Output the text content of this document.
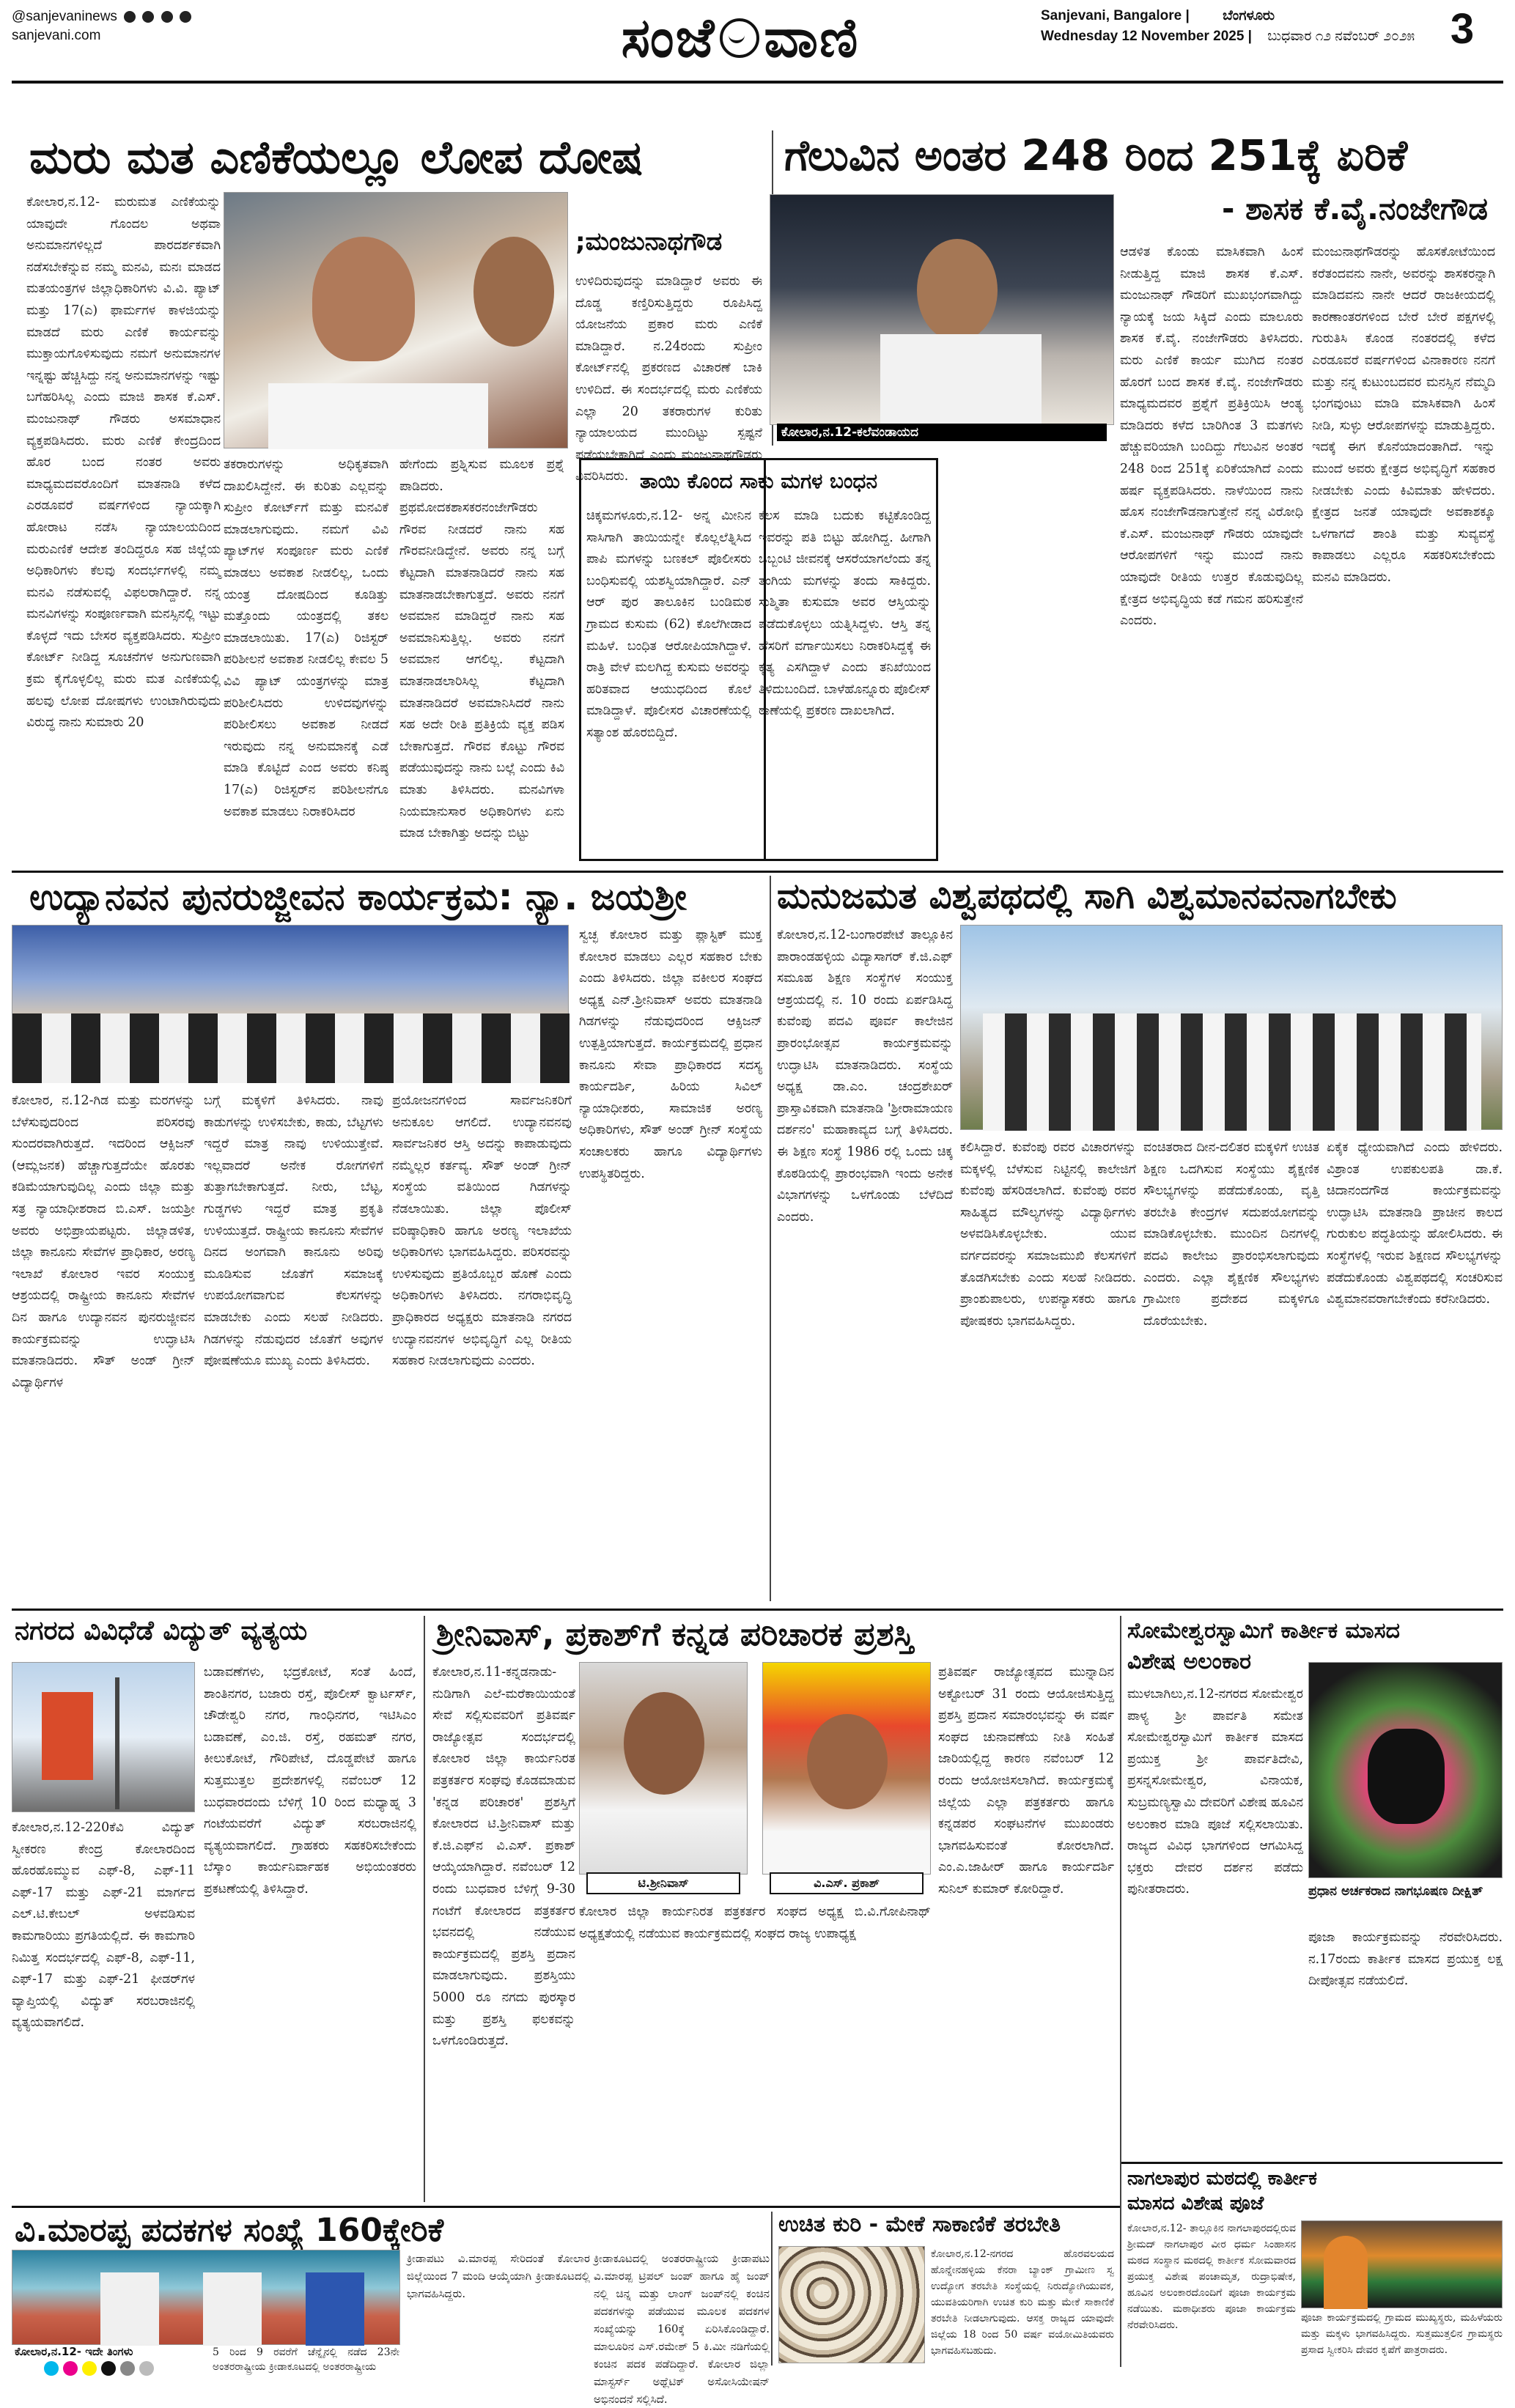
@sanjevaninews
sanjevani.com	ಸಂಜೆ ವಾಣಿ	Sanjevani, Bangalore | ಬೆಂಗಳೂರು
Wednesday 12 November 2025 | ಬುಧವಾರ ೧೨ ನವೆಂಬರ್ ೨೦೨೫ 3
ಮರು ಮತ ಎಣಿಕೆಯಲ್ಲೂ ಲೋಪ ದೋಷ
ಕೋಲಾರ,ನ.12- ಮರುಮತ ಎಣಿಕೆಯನ್ನು ಯಾವುದೇ ಗೊಂದಲ ಅಥವಾ ಅನುಮಾನಗಳಿಲ್ಲದೆ ಪಾರದರ್ಶಕವಾಗಿ ನಡೆಸಬೇಕೆನ್ನುವ ನಮ್ಮ ಮನವಿ, ಮನಃ ಮಾಡದ ಮತಯಂತ್ರಗಳ ಜಿಲ್ಲಾಧಿಕಾರಿಗಳು ವಿ.ವಿ. ಪ್ಯಾಟ್ ಮತ್ತು 17(ಎ) ಫಾರ್ಮಗಳ ಕಾಳಜಿಯನ್ನು ಮಾಡದೆ ಮರು ಎಣಿಕೆ ಕಾರ್ಯವನ್ನು ಮುಕ್ತಾಯಗೊಳಿಸುವುದು ನಮಗೆ ಅನುಮಾನಗಳ ಇನ್ನಷ್ಟು ಹೆಚ್ಚಿಸಿದ್ದು ನನ್ನ ಅನುಮಾನಗಳನ್ನು ಇಷ್ಟು ಬಗೆಹರಿಸಿಲ್ಲ ಎಂದು ಮಾಜಿ ಶಾಸಕ ಕೆ.ಎಸ್. ಮಂಜುನಾಥ್ ಗೌಡರು ಅಸಮಾಧಾನ ವ್ಯಕ್ತಪಡಿಸಿದರು. ಮರು ಎಣಿಕೆ ಕೇಂದ್ರದಿಂದ ಹೊರ ಬಂದ ನಂತರ ಅವರು ಮಾಧ್ಯಮದವರೊಂದಿಗೆ ಮಾತನಾಡಿ ಕಳೆದ ಎರಡೂವರೆ ವರ್ಷಗಳಿಂದ ನ್ಯಾಯಕ್ಕಾಗಿ ಹೋರಾಟ ನಡೆಸಿ ನ್ಯಾಯಾಲಯದಿಂದ ಮರುಎಣಿಕೆ ಆದೇಶ ತಂದಿದ್ದರೂ ಸಹ ಜಿಲ್ಲೆಯ ಅಧಿಕಾರಿಗಳು ಕೆಲವು ಸಂದರ್ಭಗಳಲ್ಲಿ ನಮ್ಮ ಮನವಿ ನಡೆಸುವಲ್ಲಿ ವಿಫಲರಾಗಿದ್ದಾರೆ. ನನ್ನ ಮನವಿಗಳನ್ನು ಸಂಪೂರ್ಣವಾಗಿ ಮನಸ್ಸಿನಲ್ಲಿ ಇಟ್ಟು ಕೊಳ್ಳದೆ ಇದು ಬೇಸರ ವ್ಯಕ್ತಪಡಿಸಿದರು. ಸುಪ್ರೀಂ ಕೋರ್ಟ್ ನೀಡಿದ್ದ ಸೂಚನೆಗಳ ಅನುಗುಣವಾಗಿ ಕ್ರಮ ಕೈಗೊಳ್ಳಲಿಲ್ಲ ಮರು ಮತ ಎಣಿಕೆಯಲ್ಲಿ ಹಲವು ಲೋಪ ದೋಷಗಳು ಉಂಟಾಗಿರುವುದು ವಿರುದ್ಧ ನಾನು ಸುಮಾರು 20
;ಮಂಜುನಾಥಗೌಡ
ಉಳಿದಿರುವುದನ್ನು ಮಾಡಿದ್ದಾರೆ ಅವರು ಈ ದೊಡ್ಡ ಕಣ್ತಿರಿಸುತ್ತಿದ್ದರು ರೂಪಿಸಿದ್ದ ಯೋಜನೆಯ ಪ್ರಕಾರ ಮರು ಎಣಿಕೆ ಮಾಡಿದ್ದಾರೆ. ನ.24ರಂದು ಸುಪ್ರೀಂ ಕೋರ್ಟ್‌ನಲ್ಲಿ ಪ್ರಕರಣದ ವಿಚಾರಣೆ ಬಾಕಿ ಉಳಿದಿದೆ. ಈ ಸಂದರ್ಭದಲ್ಲಿ ಮರು ಎಣಿಕೆಯ ಎಲ್ಲಾ 20 ತಕರಾರುಗಳ ಕುರಿತು ನ್ಯಾಯಾಲಯದ ಮುಂದಿಟ್ಟು ಸ್ಪಷ್ಟನೆ ಪಡೆಯಬೇಕಾಗಿದೆ ಎಂದು ಮಂಜುನಾಥಗೌಡರು ವಿವರಿಸಿದರು.
ತಕರಾರುಗಳನ್ನು ಅಧಿಕೃತವಾಗಿ ದಾಖಲಿಸಿದ್ದೇನೆ. ಈ ಕುರಿತು ಎಲ್ಲವನ್ನು ಸುಪ್ರೀಂ ಕೋರ್ಟ್‌ಗೆ ಮತ್ತು ಮನವಿಕೆ ಮಾಡಲಾಗುವುದು. ನಮಗೆ ವಿವಿ ಪ್ಯಾಟ್‌ಗಳ ಸಂಪೂರ್ಣ ಮರು ಎಣಿಕೆ ಮಾಡಲು ಅವಕಾಶ ನೀಡಲಿಲ್ಲ, ಒಂದು ಯಂತ್ರ ದೋಷದಿಂದ ಕೂಡಿತ್ತು ಮತ್ತೊಂದು ಯಂತ್ರದಲ್ಲಿ ತಕಲ ಮಾಡಲಾಯಿತು. 17(ಎ) ರಿಜಿಸ್ಟರ್ ಪರಿಶೀಲನೆ ಅವಕಾಶ ನೀಡಲಿಲ್ಲ ಕೇವಲ 5 ವಿವಿ ಪ್ಯಾಟ್ ಯಂತ್ರಗಳನ್ನು ಮಾತ್ರ ಪರಿಶೀಲಿಸಿದರು ಉಳಿದವುಗಳನ್ನು ಪರಿಶೀಲಿಸಲು ಅವಕಾಶ ನೀಡದೆ ಇರುವುದು ನನ್ನ ಅನುಮಾನಕ್ಕೆ ಎಡೆ ಮಾಡಿ ಕೊಟ್ಟಿದೆ ಎಂದ ಅವರು ಕನಿಷ್ಠ 17(ಎ) ರಿಜಿಸ್ಟರ್‌ನ ಪರಿಶೀಲನೆಗೂ ಅವಕಾಶ ಮಾಡಲು ನಿರಾಕರಿಸಿದರ
ಹೇಗೆಂದು ಪ್ರಶ್ನಿಸುವ ಮೂಲಕ ಪ್ರಶ್ನೆ ಪಾಡಿದರು. ಪ್ರಥಮೋದಕಶಾಸಕರನಂಜೇಗೌಡರು ಗೌರವ ನೀಡದರೆ ನಾನು ಸಹ ಗೌರವನೀಡಿದ್ದೇನೆ. ಅವರು ನನ್ನ ಬಗ್ಗೆ ಕೆಟ್ಟದಾಗಿ ಮಾತನಾಡಿದರೆ ನಾನು ಸಹ ಮಾತನಾಡಬೇಕಾಗುತ್ತದೆ. ಅವರು ನನಗೆ ಅವಮಾನ ಮಾಡಿದ್ದರೆ ನಾನು ಸಹ ಅವಮಾನಿಸುತ್ತಿಲ್ಲ. ಅವರು ನನಗೆ ಅವಮಾನ ಆಗಲಿಲ್ಲ. ಕೆಟ್ಟದಾಗಿ ಮಾತನಾಡಲಾರಿಸಿಲ್ಲ ಕೆಟ್ಟದಾಗಿ ಮಾತನಾಡಿದರೆ ಅವಮಾನಿಸಿದರೆ ನಾನು ಸಹ ಅದೇ ರೀತಿ ಪ್ರತಿಕ್ರಿಯೆ ವ್ಯಕ್ತ ಪಡಿಸ ಬೇಕಾಗುತ್ತದೆ. ಗೌರವ ಕೊಟ್ಟು ಗೌರವ ಪಡೆಯುವುದನ್ನು ನಾನು ಬಲ್ಲೆ ಎಂದು ಕಿವಿ ಮಾತು ತಿಳಿಸಿದರು. ಮನವಿಗಳಾ ನಿಯಮಾನುಸಾರ ಅಧಿಕಾರಿಗಳು ಏನು ಮಾಡ ಬೇಕಾಗಿತ್ತು ಅದನ್ನು ಬಿಟ್ಟು
ತಾಯಿ ಕೊಂದ ಸಾಕು ಮಗಳ ಬಂಧನ
ಚಿಕ್ಕಮಗಳೂರು,ನ.12- ಅನ್ನ ಮೀನಿನ ಸಾಸಿಗಾಗಿ ತಾಯಿಯನ್ನೇ ಕೊಲ್ಲಲೆತ್ನಿಸಿದ ಪಾಪಿ ಮಗಳನ್ನು ಬಣಕಲ್ ಪೊಲೀಸರು ಬಂಧಿಸುವಲ್ಲಿ ಯಶಸ್ವಿಯಾಗಿದ್ದಾರೆ. ಎನ್ ಆರ್ ಪುರ ತಾಲೂಕಿನ ಬಂಡಿಮಠ ಗ್ರಾಮದ ಕುಸುಮ (62) ಕೊಲೆಗೀಡಾದ ಮಹಿಳೆ. ಬಂಧಿತ ಆರೋಪಿಯಾಗಿದ್ದಾಳೆ. ರಾತ್ರಿ ವೇಳೆ ಮಲಗಿದ್ದ ಕುಸುಮ ಅವರನ್ನು ಹರಿತವಾದ ಆಯುಧದಿಂದ ಕೊಲೆ ಮಾಡಿದ್ದಾಳೆ. ಪೊಲೀಸರ ವಿಚಾರಣೆಯಲ್ಲಿ ಸತ್ಯಾಂಶ ಹೊರಬಿದ್ದಿದೆ.
ಕೆಲಸ ಮಾಡಿ ಬದುಕು ಕಟ್ಟಿಕೊಂಡಿದ್ದ ಇವರನ್ನು ಪತಿ ಬಿಟ್ಟು ಹೋಗಿದ್ದ. ಹೀಗಾಗಿ ಒಬ್ಬಂಟಿ ಜೀವನಕ್ಕೆ ಆಸರೆಯಾಗಲೆಂದು ತನ್ನ ತಂಗಿಯ ಮಗಳನ್ನು ತಂದು ಸಾಕಿದ್ದರು. ಸುಶ್ಮಿತಾ ಕುಸುಮಾ ಅವರ ಆಸ್ತಿಯನ್ನು ಪಡೆದುಕೊಳ್ಳಲು ಯತ್ನಿಸಿದ್ದಳು. ಆಸ್ತಿ ತನ್ನ ಹೆಸರಿಗೆ ವರ್ಗಾಯಿಸಲು ನಿರಾಕರಿಸಿದ್ದಕ್ಕೆ ಈ ಕೃತ್ಯ ಎಸಗಿದ್ದಾಳೆ ಎಂದು ತನಿಖೆಯಿಂದ ತಿಳಿದುಬಂದಿದೆ. ಬಾಳೆಹೊನ್ನೂರು ಪೊಲೀಸ್ ಠಾಣೆಯಲ್ಲಿ ಪ್ರಕರಣ ದಾಖಲಾಗಿದೆ.
ಗೆಲುವಿನ ಅಂತರ 248 ರಿಂದ 251ಕ್ಕೆ ಏರಿಕೆ
ಕೋಲಾರ,ನ.12-ಕಲೆವಂಡಾಯದ
- ಶಾಸಕ ಕೆ.ವೈ.ನಂಜೇಗೌಡ
ಆಡಳಿತ ಕೊಂಡು ಮಾಸಿಕವಾಗಿ ಹಿಂಸೆ ನೀಡುತ್ತಿದ್ದ ಮಾಜಿ ಶಾಸಕ ಕೆ.ಎಸ್. ಮಂಜುನಾಥ್ ಗೌಡರಿಗೆ ಮುಖಭಂಗವಾಗಿದ್ದು ನ್ಯಾಯಕ್ಕೆ ಜಯ ಸಿಕ್ಕಿದೆ ಎಂದು ಮಾಲೂರು ಶಾಸಕ ಕೆ.ವೈ. ನಂಜೇಗೌಡರು ತಿಳಿಸಿದರು. ಮರು ಎಣಿಕೆ ಕಾರ್ಯ ಮುಗಿದ ನಂತರ ಹೊರಗೆ ಬಂದ ಶಾಸಕ ಕೆ.ವೈ. ನಂಜೇಗೌಡರು ಮಾಧ್ಯಮದವರ ಪ್ರಶ್ನೆಗೆ ಪ್ರತಿಕ್ರಿಯಿಸಿ ಆಂತ್ಯ ಮಾಡಿದರು ಕಳೆದ ಬಾರಿಗಿಂತ 3 ಮತಗಳು ಹೆಚ್ಚುವರಿಯಾಗಿ ಬಂದಿದ್ದು ಗೆಲುವಿನ ಅಂತರ 248 ರಿಂದ 251ಕ್ಕೆ ಏರಿಕೆಯಾಗಿದೆ ಎಂದು ಹರ್ಷ ವ್ಯಕ್ತಪಡಿಸಿದರು. ನಾಳೆಯಿಂದ ನಾನು ಹೊಸ ನಂಜೇಗೌಡನಾಗುತ್ತೇನೆ ನನ್ನ ವಿರೋಧಿ ಕೆ.ಎಸ್. ಮಂಜುನಾಥ್ ಗೌಡರು ಯಾವುದೇ ಆರೋಪಗಳಿಗೆ ಇನ್ನು ಮುಂದೆ ನಾನು ಯಾವುದೇ ರೀತಿಯ ಉತ್ತರ ಕೊಡುವುದಿಲ್ಲ ಕ್ಷೇತ್ರದ ಅಭಿವೃದ್ಧಿಯ ಕಡೆ ಗಮನ ಹರಿಸುತ್ತೇನೆ ಎಂದರು.
ಮಂಜುನಾಥಗೌಡರನ್ನು ಹೊಸಕೋಟೆಯಿಂದ ಕರೆತಂದವನು ನಾನೇ, ಅವರನ್ನು ಶಾಸಕರನ್ನಾಗಿ ಮಾಡಿದವನು ನಾನೇ ಆದರೆ ರಾಜಕೀಯದಲ್ಲಿ ಕಾರಣಾಂತರಗಳಿಂದ ಬೇರೆ ಬೇರೆ ಪಕ್ಷಗಳಲ್ಲಿ ಗುರುತಿಸಿ ಕೊಂಡ ನಂತರದಲ್ಲಿ ಕಳೆದ ಎರಡೂವರೆ ವರ್ಷಗಳಿಂದ ವಿನಾಕಾರಣ ನನಗೆ ಮತ್ತು ನನ್ನ ಕುಟುಂಬದವರ ಮನಸ್ಸಿನ ನೆಮ್ಮದಿ ಭಂಗವುಂಟು ಮಾಡಿ ಮಾಸಿಕವಾಗಿ ಹಿಂಸೆ ನೀಡಿ, ಸುಳ್ಳು ಆರೋಪಗಳನ್ನು ಮಾಡುತ್ತಿದ್ದರು. ಇದಕ್ಕೆ ಈಗ ಕೊನೆಯಾದಂತಾಗಿದೆ. ಇನ್ನು ಮುಂದೆ ಅವರು ಕ್ಷೇತ್ರದ ಅಭಿವೃದ್ಧಿಗೆ ಸಹಕಾರ ನೀಡಬೇಕು ಎಂದು ಕಿವಿಮಾತು ಹೇಳಿದರು. ಕ್ಷೇತ್ರದ ಜನತೆ ಯಾವುದೇ ಅವಕಾಶಕ್ಕೂ ಒಳಗಾಗದೆ ಶಾಂತಿ ಮತ್ತು ಸುವ್ಯವಸ್ಥೆ ಕಾಪಾಡಲು ಎಲ್ಲರೂ ಸಹಕರಿಸಬೇಕೆಂದು ಮನವಿ ಮಾಡಿದರು.
ಉದ್ಯಾನವನ ಪುನರುಜ್ಜೀವನ ಕಾರ್ಯಕ್ರಮ: ನ್ಯಾ. ಜಯಶ್ರೀ
ಕೋಲಾರ, ನ.12-ಗಿಡ ಮತ್ತು ಮರಗಳನ್ನು ಬೆಳೆಸುವುದರಿಂದ ಪರಿಸರವು ಸುಂದರವಾಗಿರುತ್ತದೆ. ಇದರಿಂದ ಆಕ್ಸಿಜನ್ (ಆಮ್ಲಜನಕ) ಹೆಚ್ಚಾಗುತ್ತದೆಯೇ ಹೊರತು ಕಡಿಮೆಯಾಗುವುದಿಲ್ಲ ಎಂದು ಜಿಲ್ಲಾ ಮತ್ತು ಸತ್ರ ನ್ಯಾಯಾಧೀಶರಾದ ಬಿ.ಎಸ್. ಜಯಶ್ರೀ ಅವರು ಅಭಿಪ್ರಾಯಪಟ್ಟರು. ಜಿಲ್ಲಾಡಳಿತ, ಜಿಲ್ಲಾ ಕಾನೂನು ಸೇವೆಗಳ ಪ್ರಾಧಿಕಾರ, ಅರಣ್ಯ ಇಲಾಖೆ ಕೋಲಾರ ಇವರ ಸಂಯುಕ್ತ ಆಶ್ರಯದಲ್ಲಿ ರಾಷ್ಟ್ರೀಯ ಕಾನೂನು ಸೇವೆಗಳ ದಿನ ಹಾಗೂ ಉದ್ಯಾನವನ ಪುನರುಜ್ಜೀವನ ಕಾರ್ಯಕ್ರಮವನ್ನು ಉದ್ಘಾಟಿಸಿ ಮಾತನಾಡಿದರು. ಸೌತ್ ಅಂಡ್ ಗ್ರೀನ್ ವಿದ್ಯಾರ್ಥಿಗಳ
ಬಗ್ಗೆ ಮಕ್ಕಳಿಗೆ ತಿಳಿಸಿದರು. ನಾವು ಕಾಡುಗಳನ್ನು ಉಳಿಸಬೇಕು, ಕಾಡು, ಬೆಟ್ಟಗಳು ಇದ್ದರೆ ಮಾತ್ರ ನಾವು ಉಳಿಯುತ್ತೇವೆ. ಇಲ್ಲವಾದರೆ ಅನೇಕ ರೋಗಗಳಿಗೆ ತುತ್ತಾಗಬೇಕಾಗುತ್ತದೆ. ನೀರು, ಬೆಟ್ಟ, ಗುಡ್ಡಗಳು ಇದ್ದರೆ ಮಾತ್ರ ಪ್ರಕೃತಿ ಉಳಿಯುತ್ತದೆ. ರಾಷ್ಟ್ರೀಯ ಕಾನೂನು ಸೇವೆಗಳ ದಿನದ ಅಂಗವಾಗಿ ಕಾನೂನು ಅರಿವು ಮೂಡಿಸುವ ಜೊತೆಗೆ ಸಮಾಜಕ್ಕೆ ಉಪಯೋಗವಾಗುವ ಕೆಲಸಗಳನ್ನು ಮಾಡಬೇಕು ಎಂದು ಸಲಹೆ ನೀಡಿದರು. ಗಿಡಗಳನ್ನು ನೆಡುವುದರ ಜೊತೆಗೆ ಅವುಗಳ ಪೋಷಣೆಯೂ ಮುಖ್ಯ ಎಂದು ತಿಳಿಸಿದರು.
ಪ್ರಯೋಜನಗಳಿಂದ ಸಾರ್ವಜನಿಕರಿಗೆ ಅನುಕೂಲ ಆಗಲಿದೆ. ಉದ್ಯಾನವನವು ಸಾರ್ವಜನಿಕರ ಆಸ್ತಿ ಅದನ್ನು ಕಾಪಾಡುವುದು ನಮ್ಮೆಲ್ಲರ ಕರ್ತವ್ಯ. ಸೌತ್ ಅಂಡ್ ಗ್ರೀನ್ ಸಂಸ್ಥೆಯ ವತಿಯಿಂದ ಗಿಡಗಳನ್ನು ನೆಡಲಾಯಿತು. ಜಿಲ್ಲಾ ಪೊಲೀಸ್ ವರಿಷ್ಠಾಧಿಕಾರಿ ಹಾಗೂ ಅರಣ್ಯ ಇಲಾಖೆಯ ಅಧಿಕಾರಿಗಳು ಭಾಗವಹಿಸಿದ್ದರು. ಪರಿಸರವನ್ನು ಉಳಿಸುವುದು ಪ್ರತಿಯೊಬ್ಬರ ಹೊಣೆ ಎಂದು ಅಧಿಕಾರಿಗಳು ತಿಳಿಸಿದರು. ನಗರಾಭಿವೃದ್ಧಿ ಪ್ರಾಧಿಕಾರದ ಅಧ್ಯಕ್ಷರು ಮಾತನಾಡಿ ನಗರದ ಉದ್ಯಾನವನಗಳ ಅಭಿವೃದ್ಧಿಗೆ ಎಲ್ಲ ರೀತಿಯ ಸಹಕಾರ ನೀಡಲಾಗುವುದು ಎಂದರು.
ಸ್ವಚ್ಛ ಕೋಲಾರ ಮತ್ತು ಪ್ಲಾಸ್ಟಿಕ್ ಮುಕ್ತ ಕೋಲಾರ ಮಾಡಲು ಎಲ್ಲರ ಸಹಕಾರ ಬೇಕು ಎಂದು ತಿಳಿಸಿದರು. ಜಿಲ್ಲಾ ವಕೀಲರ ಸಂಘದ ಅಧ್ಯಕ್ಷ ಎನ್.ಶ್ರೀನಿವಾಸ್ ಅವರು ಮಾತನಾಡಿ ಗಿಡಗಳನ್ನು ನೆಡುವುದರಿಂದ ಆಕ್ಸಿಜನ್ ಉತ್ಪತ್ತಿಯಾಗುತ್ತದೆ. ಕಾರ್ಯಕ್ರಮದಲ್ಲಿ ಪ್ರಧಾನ ಕಾನೂನು ಸೇವಾ ಪ್ರಾಧಿಕಾರದ ಸದಸ್ಯ ಕಾರ್ಯದರ್ಶಿ, ಹಿರಿಯ ಸಿವಿಲ್ ನ್ಯಾಯಾಧೀಶರು, ಸಾಮಾಜಿಕ ಅರಣ್ಯ ಅಧಿಕಾರಿಗಳು, ಸೌತ್ ಅಂಡ್ ಗ್ರೀನ್ ಸಂಸ್ಥೆಯ ಸಂಚಾಲಕರು ಹಾಗೂ ವಿದ್ಯಾರ್ಥಿಗಳು ಉಪಸ್ಥಿತರಿದ್ದರು.
ಮನುಜಮತ ವಿಶ್ವಪಥದಲ್ಲಿ ಸಾಗಿ ವಿಶ್ವಮಾನವನಾಗಬೇಕು
ಕೋಲಾರ,ನ.12-ಬಂಗಾರಪೇಟೆ ತಾಲ್ಲೂಕಿನ ಪಾರಾಂಡಹಳ್ಳಿಯ ವಿದ್ಯಾಸಾಗರ್ ಕೆ.ಜಿ.ಎಫ್ ಸಮೂಹ ಶಿಕ್ಷಣ ಸಂಸ್ಥೆಗಳ ಸಂಯುಕ್ತ ಆಶ್ರಯದಲ್ಲಿ ನ. 10 ರಂದು ಏರ್ಪಡಿಸಿದ್ದ ಕುವೆಂಪು ಪದವಿ ಪೂರ್ವ ಕಾಲೇಜಿನ ಪ್ರಾರಂಭೋತ್ಸವ ಕಾರ್ಯಕ್ರಮವನ್ನು ಉದ್ಘಾಟಿಸಿ ಮಾತನಾಡಿದರು. ಸಂಸ್ಥೆಯ ಅಧ್ಯಕ್ಷ ಡಾ.ಎಂ. ಚಂದ್ರಶೇಖರ್ ಪ್ರಾಸ್ತಾವಿಕವಾಗಿ ಮಾತನಾಡಿ 'ಶ್ರೀರಾಮಾಯಣ ದರ್ಶನಂ' ಮಹಾಕಾವ್ಯದ ಬಗ್ಗೆ ತಿಳಿಸಿದರು. ಈ ಶಿಕ್ಷಣ ಸಂಸ್ಥೆ 1986 ರಲ್ಲಿ ಒಂದು ಚಿಕ್ಕ ಕೊಠಡಿಯಲ್ಲಿ ಪ್ರಾರಂಭವಾಗಿ ಇಂದು ಅನೇಕ ವಿಭಾಗಗಳನ್ನು ಒಳಗೊಂಡು ಬೆಳೆದಿದೆ ಎಂದರು.
ಕಲಿಸಿದ್ದಾರೆ. ಕುವೆಂಪು ರವರ ವಿಚಾರಗಳನ್ನು ಮಕ್ಕಳಲ್ಲಿ ಬೆಳೆಸುವ ನಿಟ್ಟಿನಲ್ಲಿ ಕಾಲೇಜಿಗೆ ಕುವೆಂಪು ಹೆಸರಿಡಲಾಗಿದೆ. ಕುವೆಂಪು ರವರ ಸಾಹಿತ್ಯದ ಮೌಲ್ಯಗಳನ್ನು ವಿದ್ಯಾರ್ಥಿಗಳು ಅಳವಡಿಸಿಕೊಳ್ಳಬೇಕು. ಯುವ ವರ್ಗದವರನ್ನು ಸಮಾಜಮುಖಿ ಕೆಲಸಗಳಿಗೆ ತೊಡಗಿಸಬೇಕು ಎಂದು ಸಲಹೆ ನೀಡಿದರು. ಪ್ರಾಂಶುಪಾಲರು, ಉಪನ್ಯಾಸಕರು ಹಾಗೂ ಪೋಷಕರು ಭಾಗವಹಿಸಿದ್ದರು.
ವಂಚಿತರಾದ ದೀನ-ದಲಿತರ ಮಕ್ಕಳಿಗೆ ಉಚಿತ ಶಿಕ್ಷಣ ಒದಗಿಸುವ ಸಂಸ್ಥೆಯು ಶೈಕ್ಷಣಿಕ ಸೌಲಭ್ಯಗಳನ್ನು ಪಡೆದುಕೊಂಡು, ವೃತ್ತಿ ತರಬೇತಿ ಕೇಂದ್ರಗಳ ಸದುಪಯೋಗವನ್ನು ಮಾಡಿಕೊಳ್ಳಬೇಕು. ಮುಂದಿನ ದಿನಗಳಲ್ಲಿ ಪದವಿ ಕಾಲೇಜು ಪ್ರಾರಂಭಿಸಲಾಗುವುದು ಎಂದರು. ಎಲ್ಲಾ ಶೈಕ್ಷಣಿಕ ಸೌಲಭ್ಯಗಳು ಗ್ರಾಮೀಣ ಪ್ರದೇಶದ ಮಕ್ಕಳಿಗೂ ದೊರೆಯಬೇಕು.
ಏಕೈಕ ಧ್ಯೇಯವಾಗಿದೆ ಎಂದು ಹೇಳಿದರು. ವಿಶ್ರಾಂತ ಉಪಕುಲಪತಿ ಡಾ.ಕೆ. ಚಿದಾನಂದಗೌಡ ಕಾರ್ಯಕ್ರಮವನ್ನು ಉದ್ಘಾಟಿಸಿ ಮಾತನಾಡಿ ಪ್ರಾಚೀನ ಕಾಲದ ಗುರುಕುಲ ಪದ್ಧತಿಯನ್ನು ಹೋಲಿಸಿದರು. ಈ ಸಂಸ್ಥೆಗಳಲ್ಲಿ ಇರುವ ಶಿಕ್ಷಣದ ಸೌಲಭ್ಯಗಳನ್ನು ಪಡೆದುಕೊಂಡು ವಿಶ್ವಪಥದಲ್ಲಿ ಸಂಚರಿಸುವ ವಿಶ್ವಮಾನವರಾಗಬೇಕೆಂದು ಕರೆನೀಡಿದರು.
ನಗರದ ವಿವಿಧೆಡೆ ವಿದ್ಯುತ್ ವ್ಯತ್ಯಯ
ಕೋಲಾರ,ನ.12-220ಕೆವಿ ವಿದ್ಯುತ್ ಸ್ವೀಕರಣ ಕೇಂದ್ರ ಕೋಲಾರದಿಂದ ಹೊರಹೊಮ್ಮುವ ಎಫ್-8, ಎಫ್-11 ಎಫ್-17 ಮತ್ತು ಎಫ್-21 ಮಾರ್ಗದ ಎಲ್.ಟಿ.ಕೇಬಲ್ ಅಳವಡಿಸುವ ಕಾಮಗಾರಿಯು ಪ್ರಗತಿಯಲ್ಲಿದೆ. ಈ ಕಾಮಗಾರಿ ನಿಮಿತ್ತ ಸಂದರ್ಭದಲ್ಲಿ ಎಫ್-8, ಎಫ್-11, ಎಫ್-17 ಮತ್ತು ಎಫ್-21 ಫೀಡರ್‌ಗಳ ವ್ಯಾಪ್ತಿಯಲ್ಲಿ ವಿದ್ಯುತ್ ಸರಬರಾಜಿನಲ್ಲಿ ವ್ಯತ್ಯಯವಾಗಲಿದೆ.
ಬಡಾವಣೆಗಳು, ಭದ್ರಕೋಟೆ, ಸಂತೆ ಹಿಂದೆ, ಶಾಂತಿನಗರ, ಬಜಾರು ರಸ್ತೆ, ಪೊಲೀಸ್ ಕ್ವಾರ್ಟರ್ಸ್, ಚೌಡೇಶ್ವರಿ ನಗರ, ಗಾಂಧಿನಗರ, ಇಟಿಸಿಎಂ ಬಡಾವಣೆ, ಎಂ.ಜಿ. ರಸ್ತೆ, ರಹಮತ್ ನಗರ, ಕೀಲುಕೋಟೆ, ಗೌರಿಪೇಟೆ, ದೊಡ್ಡಪೇಟೆ ಹಾಗೂ ಸುತ್ತಮುತ್ತಲ ಪ್ರದೇಶಗಳಲ್ಲಿ ನವೆಂಬರ್ 12 ಬುಧವಾರದಂದು ಬೆಳಿಗ್ಗೆ 10 ರಿಂದ ಮಧ್ಯಾಹ್ನ 3 ಗಂಟೆಯವರೆಗೆ ವಿದ್ಯುತ್ ಸರಬರಾಜಿನಲ್ಲಿ ವ್ಯತ್ಯಯವಾಗಲಿದೆ. ಗ್ರಾಹಕರು ಸಹಕರಿಸಬೇಕೆಂದು ಬೆಸ್ಕಾಂ ಕಾರ್ಯನಿರ್ವಾಹಕ ಅಭಿಯಂತರರು ಪ್ರಕಟಣೆಯಲ್ಲಿ ತಿಳಿಸಿದ್ದಾರೆ.
ಶ್ರೀನಿವಾಸ್, ಪ್ರಕಾಶ್‌ಗೆ ಕನ್ನಡ ಪರಿಚಾರಕ ಪ್ರಶಸ್ತಿ
ಟಿ.ಶ್ರೀನಿವಾಸ್	ವಿ.ಎಸ್. ಪ್ರಕಾಶ್
ಕೋಲಾರ,ನ.11-ಕನ್ನಡನಾಡು-ನುಡಿಗಾಗಿ ಎಲೆ-ಮರೆಕಾಯಿಯಂತೆ ಸೇವೆ ಸಲ್ಲಿಸುವವರಿಗೆ ಪ್ರತಿವರ್ಷ ರಾಜ್ಯೋತ್ಸವ ಸಂದರ್ಭದಲ್ಲಿ ಕೋಲಾರ ಜಿಲ್ಲಾ ಕಾರ್ಯನಿರತ ಪತ್ರಕರ್ತರ ಸಂಘವು ಕೊಡಮಾಡುವ 'ಕನ್ನಡ ಪರಿಚಾರಕ' ಪ್ರಶಸ್ತಿಗೆ ಕೋಲಾರದ ಟಿ.ಶ್ರೀನಿವಾಸ್ ಮತ್ತು ಕೆ.ಜಿ.ಎಫ್‌ನ ವಿ.ಎಸ್. ಪ್ರಕಾಶ್ ಆಯ್ಕೆಯಾಗಿದ್ದಾರೆ. ನವೆಂಬರ್ 12 ರಂದು ಬುಧವಾರ ಬೆಳಿಗ್ಗೆ 9-30 ಗಂಟೆಗೆ ಕೋಲಾರದ ಪತ್ರಕರ್ತರ ಭವನದಲ್ಲಿ ನಡೆಯುವ ಕಾರ್ಯಕ್ರಮದಲ್ಲಿ ಪ್ರಶಸ್ತಿ ಪ್ರದಾನ ಮಾಡಲಾಗುವುದು. ಪ್ರಶಸ್ತಿಯು 5000 ರೂ ನಗದು ಪುರಸ್ಕಾರ ಮತ್ತು ಪ್ರಶಸ್ತಿ ಫಲಕವನ್ನು ಒಳಗೊಂಡಿರುತ್ತದೆ.
ಕೋಲಾರ ಜಿಲ್ಲಾ ಕಾರ್ಯನಿರತ ಪತ್ರಕರ್ತರ ಸಂಘದ ಅಧ್ಯಕ್ಷ ಬಿ.ವಿ.ಗೋಪಿನಾಥ್ ಅಧ್ಯಕ್ಷತೆಯಲ್ಲಿ ನಡೆಯುವ ಕಾರ್ಯಕ್ರಮದಲ್ಲಿ ಸಂಘದ ರಾಜ್ಯ ಉಪಾಧ್ಯಕ್ಷ
ಪ್ರತಿವರ್ಷ ರಾಜ್ಯೋತ್ಸವದ ಮುನ್ನಾದಿನ ಅಕ್ಟೋಬರ್ 31 ರಂದು ಆಯೋಜಿಸುತ್ತಿದ್ದ ಪ್ರಶಸ್ತಿ ಪ್ರದಾನ ಸಮಾರಂಭವನ್ನು ಈ ವರ್ಷ ಸಂಘದ ಚುನಾವಣೆಯ ನೀತಿ ಸಂಹಿತೆ ಜಾರಿಯಲ್ಲಿದ್ದ ಕಾರಣ ನವೆಂಬರ್ 12 ರಂದು ಆಯೋಜಿಸಲಾಗಿದೆ. ಕಾರ್ಯಕ್ರಮಕ್ಕೆ ಜಿಲ್ಲೆಯ ಎಲ್ಲಾ ಪತ್ರಕರ್ತರು ಹಾಗೂ ಕನ್ನಡಪರ ಸಂಘಟನೆಗಳ ಮುಖಂಡರು ಭಾಗವಹಿಸುವಂತೆ ಕೋರಲಾಗಿದೆ. ಎಂ.ಎ.ಜಾಹೀರ್ ಹಾಗೂ ಕಾರ್ಯದರ್ಶಿ ಸುನಿಲ್ ಕುಮಾರ್ ಕೋರಿದ್ದಾರೆ.
ಸೋಮೇಶ್ವರಸ್ವಾಮಿಗೆ ಕಾರ್ತೀಕ ಮಾಸದ
ವಿಶೇಷ ಅಲಂಕಾರ
ಮುಳಬಾಗಿಲು,ನ.12-ನಗರದ ಸೋಮೇಶ್ವರ ಪಾಳ್ಯ ಶ್ರೀ ಪಾರ್ವತಿ ಸಮೇತ ಸೋಮೇಶ್ವರಸ್ವಾಮಿಗೆ ಕಾರ್ತೀಕ ಮಾಸದ ಪ್ರಯುಕ್ತ ಶ್ರೀ ಪಾರ್ವತಿದೇವಿ, ಪ್ರಸನ್ನಸೋಮೇಶ್ವರ, ವಿನಾಯಕ, ಸುಬ್ರಮಣ್ಯಸ್ವಾಮಿ ದೇವರಿಗೆ ವಿಶೇಷ ಹೂವಿನ ಅಲಂಕಾರ ಮಾಡಿ ಪೂಜೆ ಸಲ್ಲಿಸಲಾಯಿತು. ರಾಜ್ಯದ ವಿವಿಧ ಭಾಗಗಳಿಂದ ಆಗಮಿಸಿದ್ದ ಭಕ್ತರು ದೇವರ ದರ್ಶನ ಪಡೆದು ಪುನೀತರಾದರು.	ಪ್ರಧಾನ ಅರ್ಚಕರಾದ ನಾಗಭೂಷಣ ದೀಕ್ಷಿತ್
ಪೂಜಾ ಕಾರ್ಯಕ್ರಮವನ್ನು ನೆರವೇರಿಸಿದರು. ನ.17ರಂದು ಕಾರ್ತೀಕ ಮಾಸದ ಪ್ರಯುಕ್ತ ಲಕ್ಷ ದೀಪೋತ್ಸವ ನಡೆಯಲಿದೆ.
ವಿ.ಮಾರಪ್ಪ ಪದಕಗಳ ಸಂಖ್ಯೆ 160ಕ್ಕೇರಿಕೆ
ಕೋಲಾರ,ನ.12- ಇದೇ ತಿಂಗಳು
ಕ್ರೀಡಾಪಟು ವಿ.ಮಾರಪ್ಪ ಸೇರಿದಂತೆ ಕೋಲಾರ ಜಿಲ್ಲೆಯಿಂದ 7 ಮಂದಿ ಆಯ್ಕೆಯಾಗಿ ಕ್ರೀಡಾಕೂಟದಲ್ಲಿ ಭಾಗವಹಿಸಿದ್ದರು.
ಕ್ರೀಡಾಕೂಟದಲ್ಲಿ ಅಂತರರಾಷ್ಟ್ರೀಯ ಕ್ರೀಡಾಪಟು ವಿ.ಮಾರಪ್ಪ ಟ್ರಿಪಲ್ ಜಂಪ್ ಹಾಗೂ ಹೈ ಜಂಪ್ ನಲ್ಲಿ ಚಿನ್ನ ಮತ್ತು ಲಾಂಗ್ ಜಂಪ್‌ನಲ್ಲಿ ಕಂಚಿನ ಪದಕಗಳನ್ನು ಪಡೆಯುವ ಮೂಲಕ ಪದಕಗಳ ಸಂಖ್ಯೆಯನ್ನು 160ಕ್ಕೆ ಏರಿಸಿಕೊಂಡಿದ್ದಾರೆ. ಮಾಲೂರಿನ ಎಸ್.ರಮೇಶ್ 5 ಕಿ.ಮೀ ನಡಿಗೆಯಲ್ಲಿ ಕಂಚಿನ ಪದಕ ಪಡೆದಿದ್ದಾರೆ. ಕೋಲಾರ ಜಿಲ್ಲಾ ಮಾಸ್ಟರ್ಸ್ ಅಥ್ಲೆಟಿಕ್ ಅಸೋಸಿಯೇಷನ್ ಅಭಿನಂದನೆ ಸಲ್ಲಿಸಿದೆ.
5 ರಿಂದ 9 ರವರೆಗೆ ಚೆನ್ನೈನಲ್ಲಿ ನಡೆದ 23ನೇ ಅಂತರರಾಷ್ಟ್ರೀಯ ಕ್ರೀಡಾಕೂಟದಲ್ಲಿ ಅಂತರರಾಷ್ಟ್ರೀಯ
ಉಚಿತ ಕುರಿ - ಮೇಕೆ ಸಾಕಾಣಿಕೆ ತರಬೇತಿ
ಕೋಲಾರ,ನ.12-ನಗರದ ಹೊರವಲಯದ ಹೊನ್ನೇನಹಳ್ಳಿಯ ಕೆನರಾ ಬ್ಯಾಂಕ್ ಗ್ರಾಮೀಣ ಸ್ವ ಉದ್ಯೋಗ ತರಬೇತಿ ಸಂಸ್ಥೆಯಲ್ಲಿ ನಿರುದ್ಯೋಗಿಯುವಕ, ಯುವತಿಯರಿಗಾಗಿ ಉಚಿತ ಕುರಿ ಮತ್ತು ಮೇಕೆ ಸಾಕಾಣಿಕೆ ತರಬೇತಿ ನೀಡಲಾಗುವುದು. ಆಸಕ್ತ ರಾಜ್ಯದ ಯಾವುದೇ ಜಿಲ್ಲೆಯ 18 ರಿಂದ 50 ವರ್ಷ ವಯೋಮಿತಿಯವರು ಭಾಗವಹಿಸಬಹುದು.
ನಾಗಲಾಪುರ ಮಠದಲ್ಲಿ ಕಾರ್ತೀಕ
ಮಾಸದ ವಿಶೇಷ ಪೂಜೆ
ಕೋಲಾರ,ನ.12- ತಾಲ್ಲೂಕಿನ ನಾಗಲಾಪುರದಲ್ಲಿರುವ ಶ್ರೀಮದ್ ನಾಗಲಾಪುರ ವೀರ ಧರ್ಮ ಸಿಂಹಾಸನ ಮಠದ ಸಂಸ್ಥಾನ ಮಠದಲ್ಲಿ ಕಾರ್ತೀಕ ಸೋಮವಾರದ ಪ್ರಯುಕ್ತ ವಿಶೇಷ ಪಂಚಾಮೃತ, ರುದ್ರಾಭಿಷೇಕ, ಹೂವಿನ ಅಲಂಕಾರದೊಂದಿಗೆ ಪೂಜಾ ಕಾರ್ಯಕ್ರಮ ನಡೆಯಿತು. ಮಠಾಧೀಶರು ಪೂಜಾ ಕಾರ್ಯಕ್ರಮ ನೆರವೇರಿಸಿದರು.
ಪೂಜಾ ಕಾರ್ಯಕ್ರಮದಲ್ಲಿ ಗ್ರಾಮದ ಮುಖ್ಯಸ್ಥರು, ಮಹಿಳೆಯರು ಮತ್ತು ಮಕ್ಕಳು ಭಾಗವಹಿಸಿದ್ದರು. ಸುತ್ತಮುತ್ತಲಿನ ಗ್ರಾಮಸ್ಥರು ಪ್ರಸಾದ ಸ್ವೀಕರಿಸಿ ದೇವರ ಕೃಪೆಗೆ ಪಾತ್ರರಾದರು.
